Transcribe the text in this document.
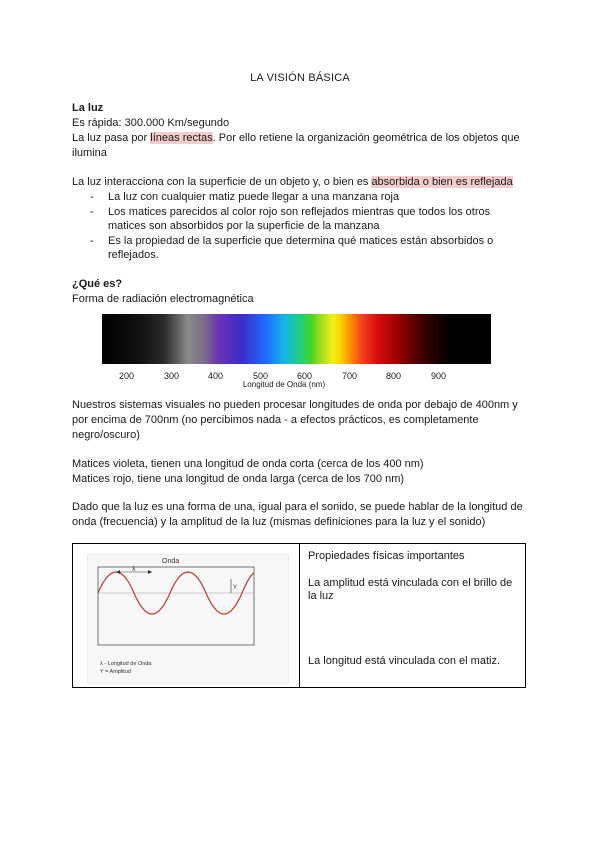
LA VISIÓN BÁSICA
La luz
Es rápida: 300.000 Km/segundo
La luz pasa por líneas rectas. Por ello retiene la organización geométrica de los objetos que
ilumina
La luz interacciona con la superficie de un objeto y, o bien es absorbida o bien es reflejada
- La luz con cualquier matiz puede llegar a una manzana roja
- Los matices parecidos al color rojo son reflejados mientras que todos los otros
matices son absorbidos por la superficie de la manzana
- Es la propiedad de la superficie que determina qué matices están absorbidos o
reflejados.
¿Qué es?
Forma de radiación electromagnética
200	300	400	500	600	700	800	900
Longitud de Onda (nm)
Nuestros sistemas visuales no pueden procesar longitudes de onda por debajo de 400nm y
por encima de 700nm (no percibimos nada - a efectos prácticos, es completamente
negro/oscuro)
Matices violeta, tienen una longitud de onda corta (cerca de los 400 nm)
Matices rojo, tiene una longitud de onda larga (cerca de los 700 nm)
Dado que la luz es una forma de una, igual para el sonido, se puede hablar de la longitud de
onda (frecuencia) y la amplitud de la luz (mismas definiciones para la luz y el sonido)
Onda
λ
Y
λ - Longitud de Onda
Y = Amplitud

Propiedades físicas importantes
La amplitud está vinculada con el brillo de la luz
La longitud está vinculada con el matiz.
